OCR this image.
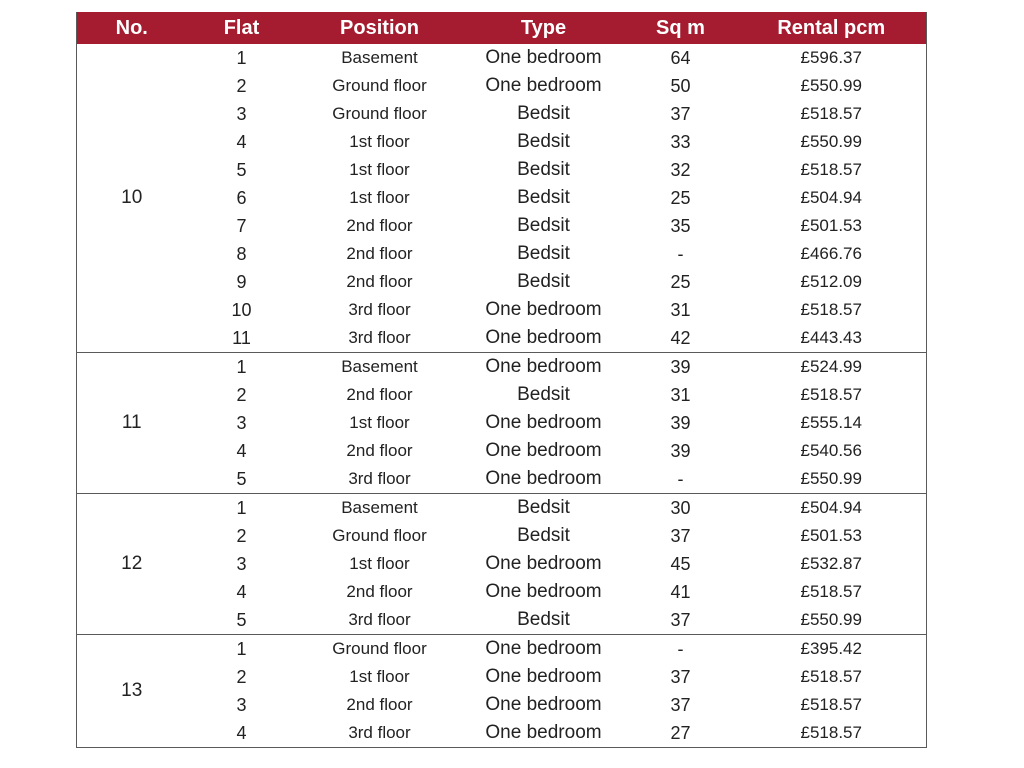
No.	Flat	Position	Type	Sq m	Rental pcm
10	1	Basement	One bedroom	64	£596.37
	2	Ground floor	One bedroom	50	£550.99
	3	Ground floor	Bedsit	37	£518.57
	4	1st floor	Bedsit	33	£550.99
	5	1st floor	Bedsit	32	£518.57
	6	1st floor	Bedsit	25	£504.94
	7	2nd floor	Bedsit	35	£501.53
	8	2nd floor	Bedsit	-	£466.76
	9	2nd floor	Bedsit	25	£512.09
	10	3rd floor	One bedroom	31	£518.57
	11	3rd floor	One bedroom	42	£443.43
11	1	Basement	One bedroom	39	£524.99
	2	2nd floor	Bedsit	31	£518.57
	3	1st floor	One bedroom	39	£555.14
	4	2nd floor	One bedroom	39	£540.56
	5	3rd floor	One bedroom	-	£550.99
12	1	Basement	Bedsit	30	£504.94
	2	Ground floor	Bedsit	37	£501.53
	3	1st floor	One bedroom	45	£532.87
	4	2nd floor	One bedroom	41	£518.57
	5	3rd floor	Bedsit	37	£550.99
13	1	Ground floor	One bedroom	-	£395.42
	2	1st floor	One bedroom	37	£518.57
	3	2nd floor	One bedroom	37	£518.57
	4	3rd floor	One bedroom	27	£518.57
